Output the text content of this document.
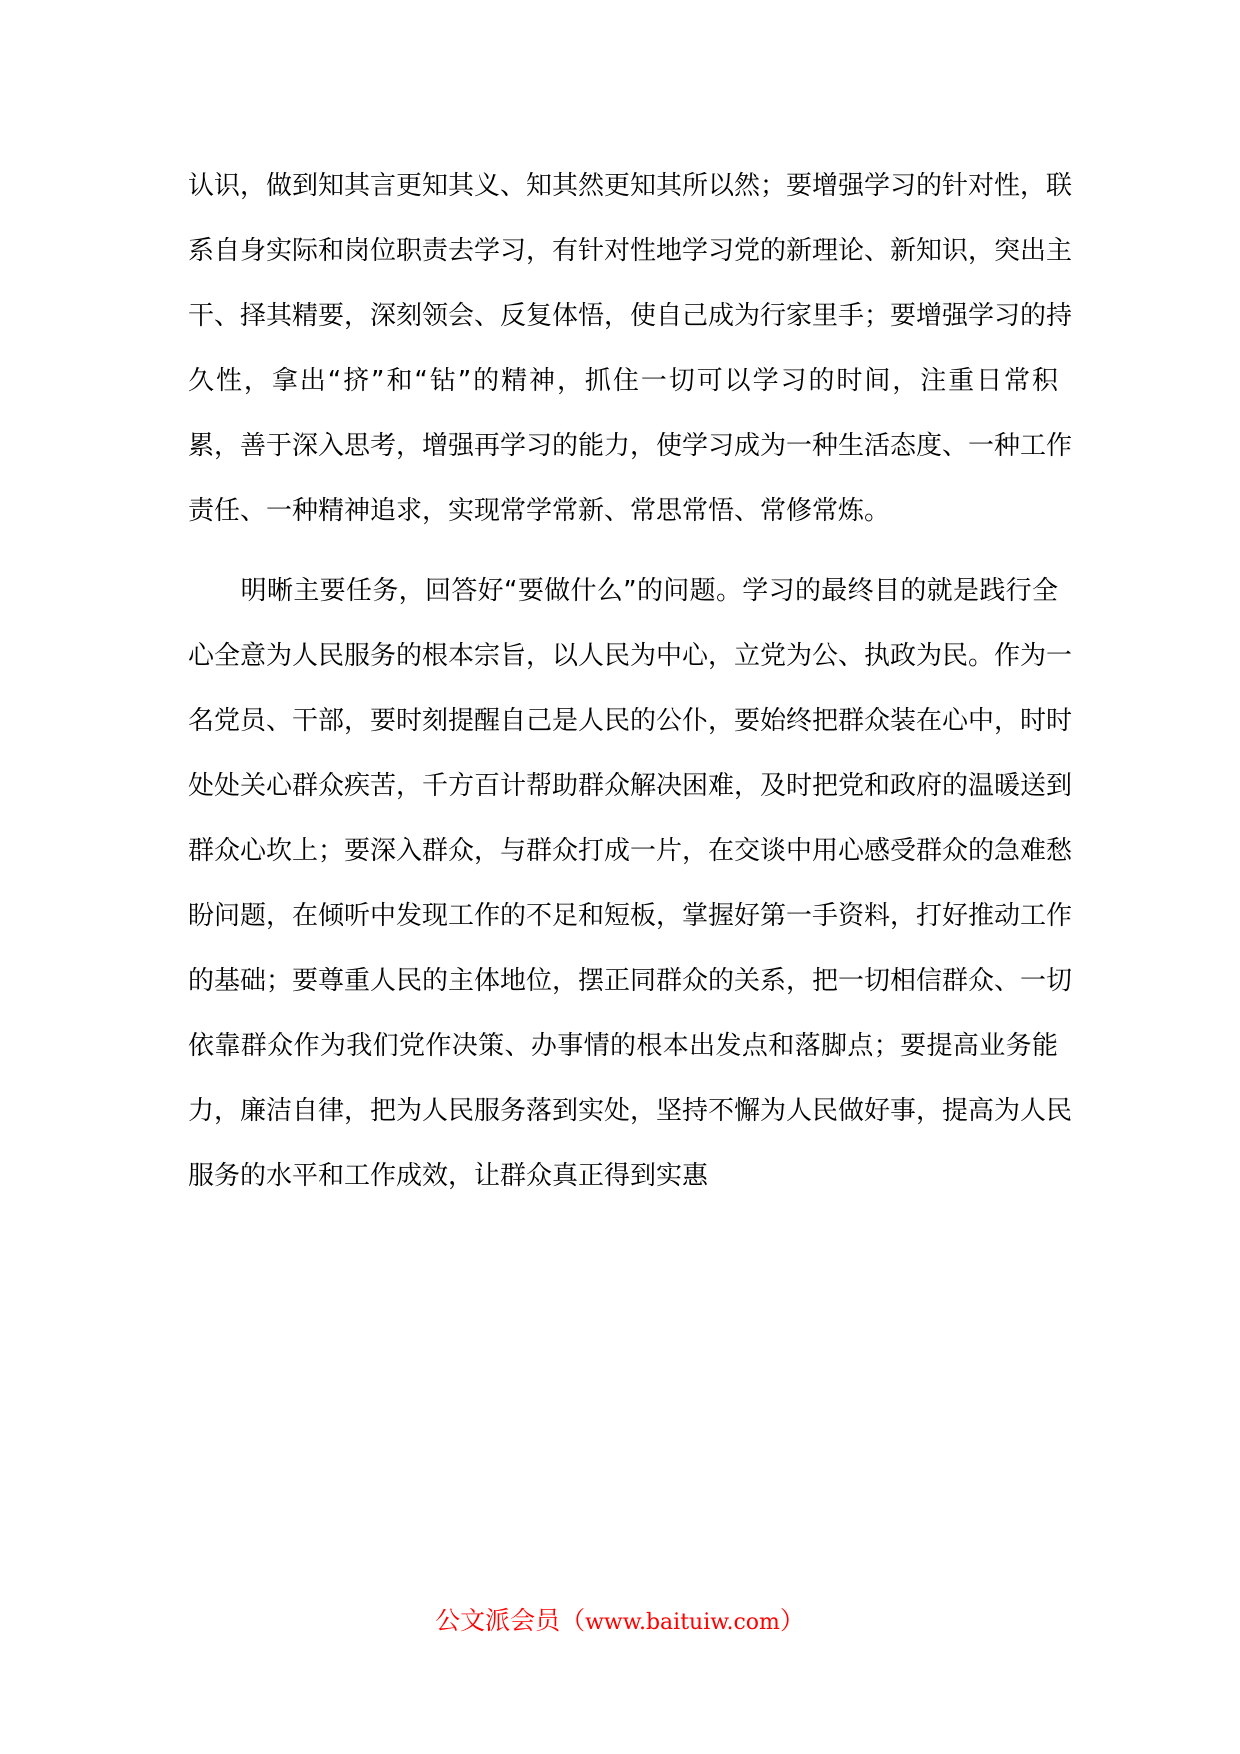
认识，做到知其言更知其义、知其然更知其所以然；要增强学习的针对性，联
系自身实际和岗位职责去学习，有针对性地学习党的新理论、新知识，突出主
干、择其精要，深刻领会、反复体悟，使自己成为行家里手；要增强学习的持
久性，拿出“挤”和“钻”的精神，抓住一切可以学习的时间，注重日常积
累，善于深入思考，增强再学习的能力，使学习成为一种生活态度、一种工作
责任、一种精神追求，实现常学常新、常思常悟、常修常炼。
　　明晰主要任务，回答好“要做什么”的问题。学习的最终目的就是践行全
心全意为人民服务的根本宗旨，以人民为中心，立党为公、执政为民。作为一
名党员、干部，要时刻提醒自己是人民的公仆，要始终把群众装在心中，时时
处处关心群众疾苦，千方百计帮助群众解决困难，及时把党和政府的温暖送到
群众心坎上；要深入群众，与群众打成一片，在交谈中用心感受群众的急难愁
盼问题，在倾听中发现工作的不足和短板，掌握好第一手资料，打好推动工作
的基础；要尊重人民的主体地位，摆正同群众的关系，把一切相信群众、一切
依靠群众作为我们党作决策、办事情的根本出发点和落脚点；要提高业务能
力，廉洁自律，把为人民服务落到实处，坚持不懈为人民做好事，提高为人民
服务的水平和工作成效，让群众真正得到实惠
公文派会员（www.baituiw.com）
